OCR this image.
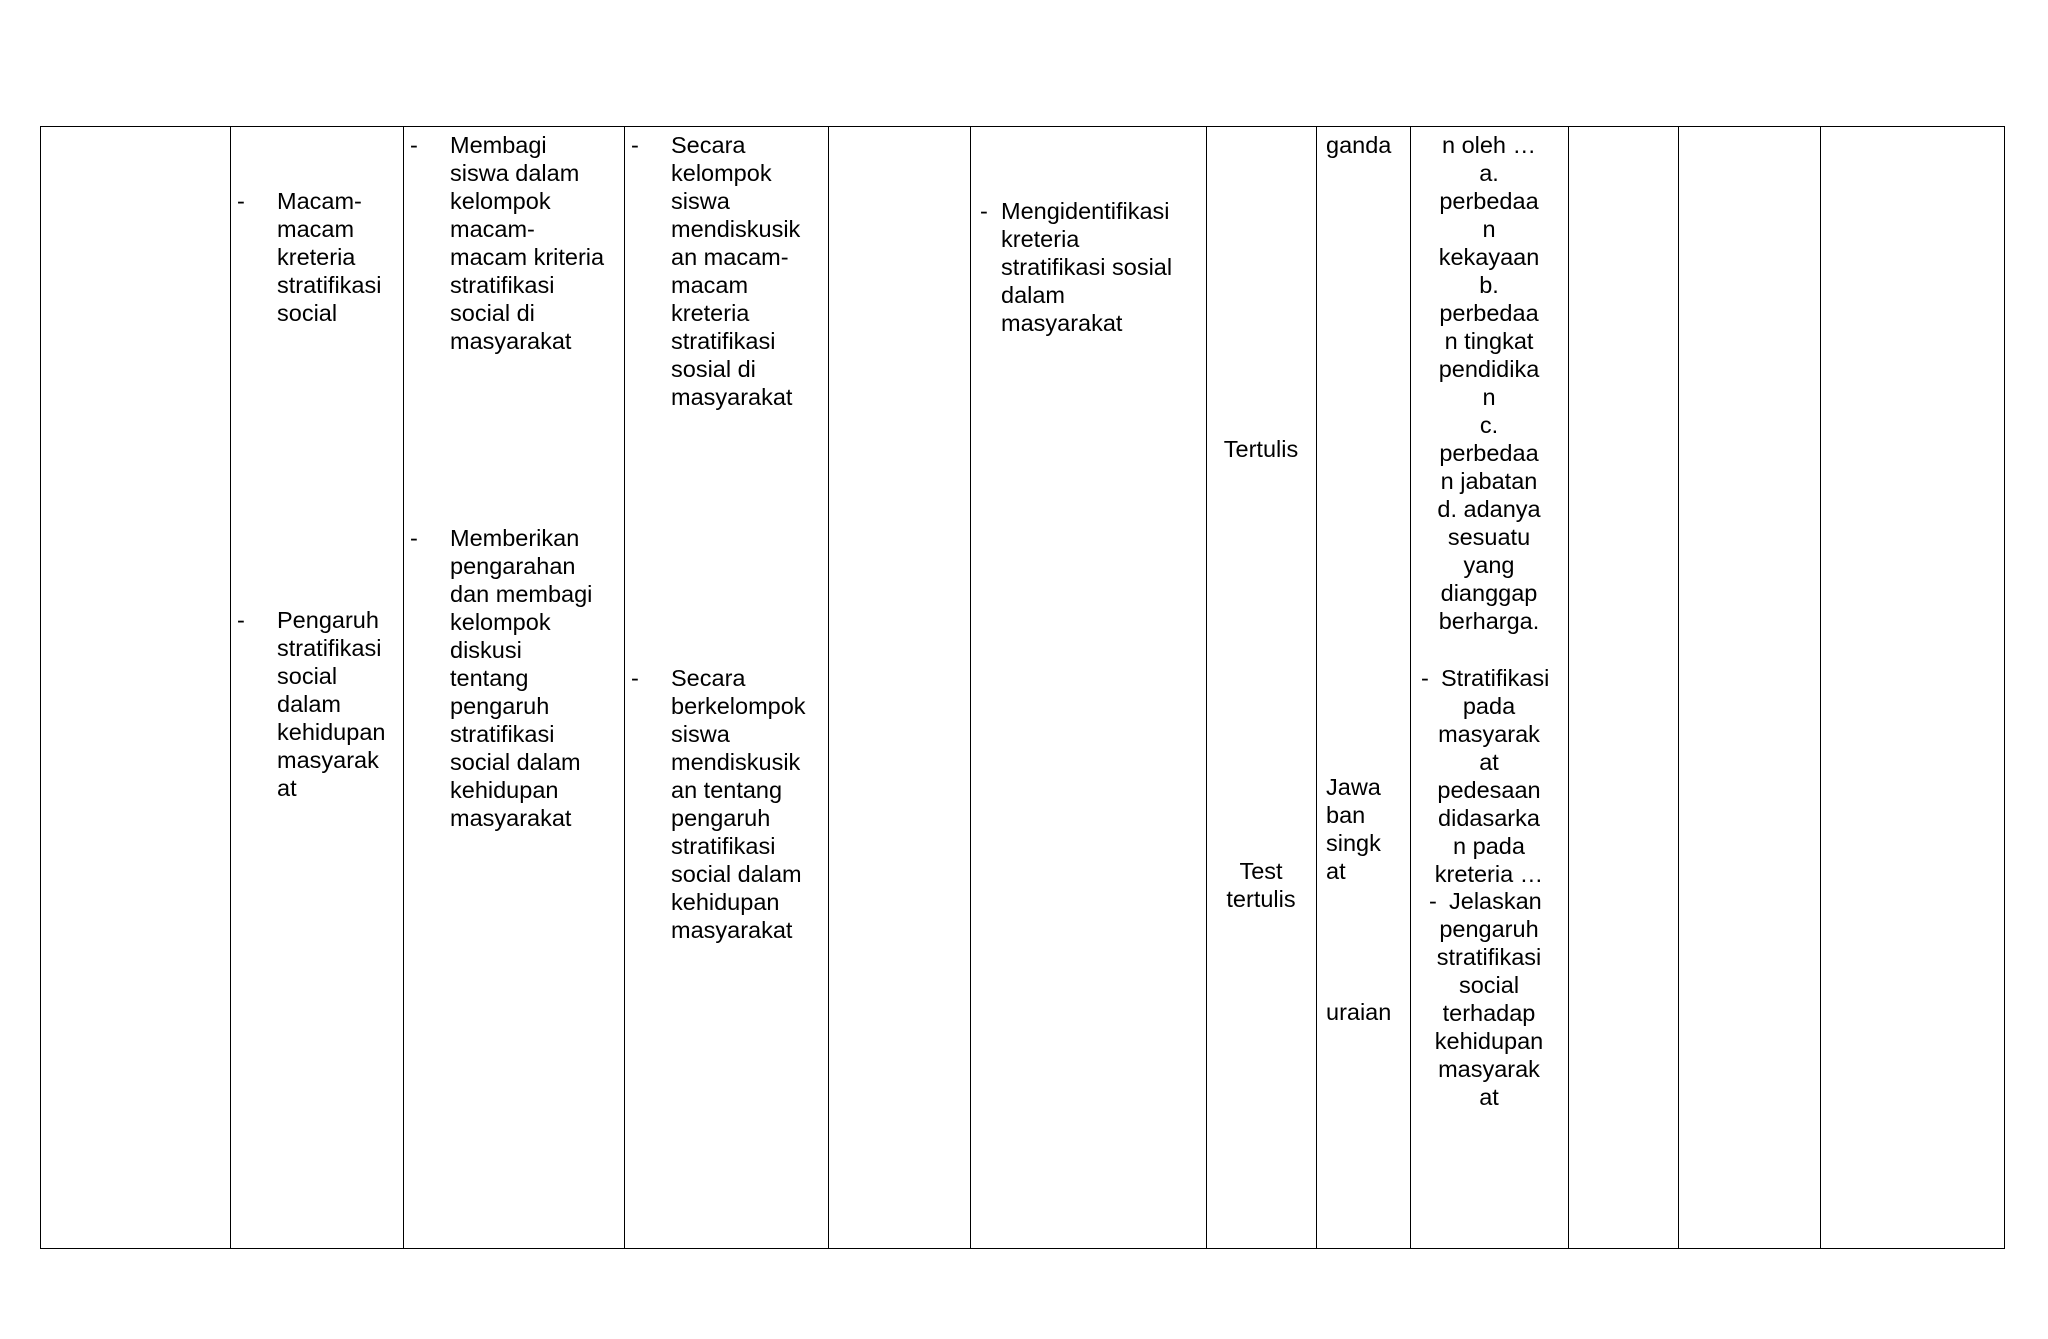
- Macam-
macam
kreteria
stratifikasi
social
- Pengaruh
stratifikasi
social
dalam
kehidupan
masyarak
at
- Membagi
siswa dalam
kelompok
macam-
macam kriteria
stratifikasi
social di
masyarakat
- Memberikan
pengarahan
dan membagi
kelompok
diskusi
tentang
pengaruh
stratifikasi
social dalam
kehidupan
masyarakat
- Secara
kelompok
siswa
mendiskusik
an macam-
macam
kreteria
stratifikasi
sosial di
masyarakat
- Secara
berkelompok
siswa
mendiskusik
an tentang
pengaruh
stratifikasi
social dalam
kehidupan
masyarakat
- Mengidentifikasi
kreteria
stratifikasi sosial
dalam
masyarakat
Tertulis
Test
tertulis
ganda
Jawa
ban
singk
at
uraian
n oleh …
a.
perbedaa
n
kekayaan
b.
perbedaa
n tingkat
pendidika
n
c.
perbedaa
n jabatan
d. adanya
sesuatu
yang
dianggap
berharga.
- Stratifikasi
pada
masyarak
at
pedesaan
didasarka
n pada
kreteria …
- Jelaskan
pengaruh
stratifikasi
social
terhadap
kehidupan
masyarak
at
